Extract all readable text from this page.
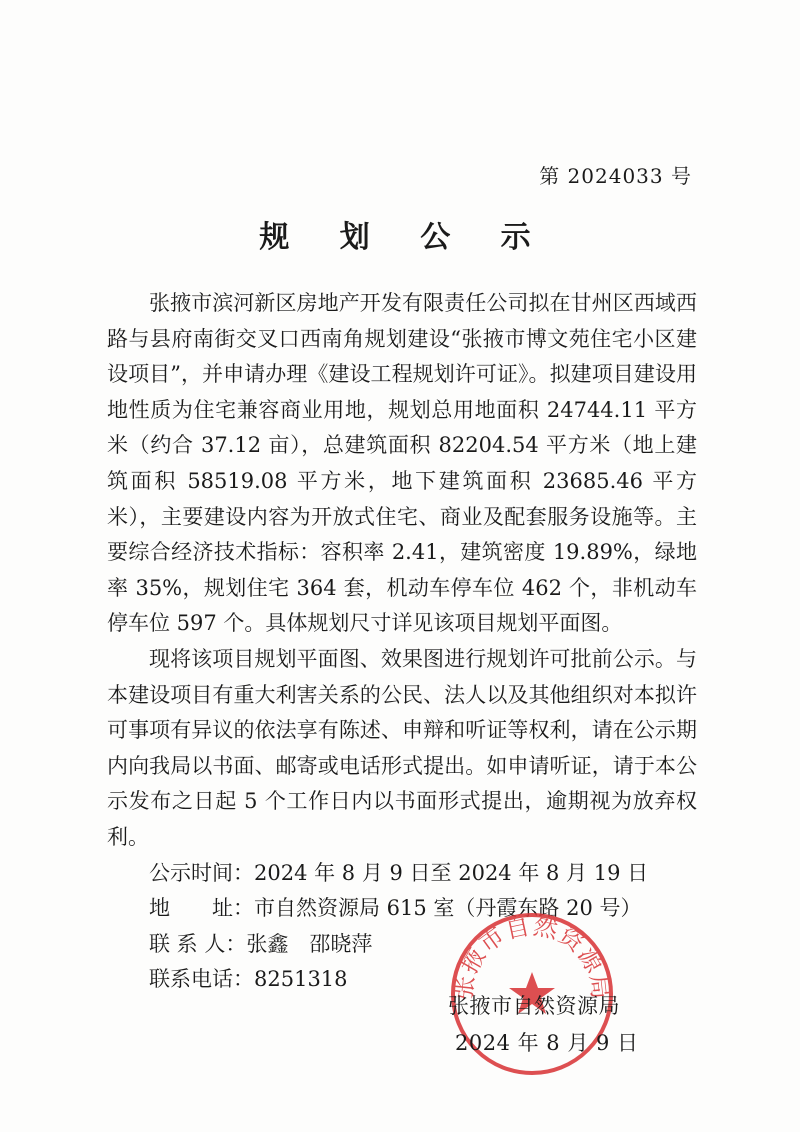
第 2024033 号
规 划 公 示

张掖市滨河新区房地产开发有限责任公司拟在甘州区西域西路与县府南街交叉口西南角规划建设“张掖市博文苑住宅小区建设项目”，并申请办理《建设工程规划许可证》。拟建项目建设用地性质为住宅兼容商业用地，规划总用地面积 24744.11 平方米（约合 37.12 亩），总建筑面积 82204.54 平方米（地上建筑面积 58519.08 平方米，地下建筑面积 23685.46 平方米），主要建设内容为开放式住宅、商业及配套服务设施等。主要综合经济技术指标：容积率 2.41，建筑密度 19.89%，绿地率 35%，规划住宅 364 套，机动车停车位 462 个，非机动车停车位 597 个。具体规划尺寸详见该项目规划平面图。

现将该项目规划平面图、效果图进行规划许可批前公示。与本建设项目有重大利害关系的公民、法人以及其他组织对本拟许可事项有异议的依法享有陈述、申辩和听证等权利，请在公示期内向我局以书面、邮寄或电话形式提出。如申请听证，请于本公示发布之日起 5 个工作日内以书面形式提出，逾期视为放弃权利。

公示时间：2024 年 8 月 9 日至 2024 年 8 月 19 日

地　　址：市自然资源局 615 室（丹霞东路 20 号）

联 系 人：张鑫　邵晓萍

联系电话：8251318	张掖市自然资源局
张掖市自然资源局
2024 年 8 月 9 日
